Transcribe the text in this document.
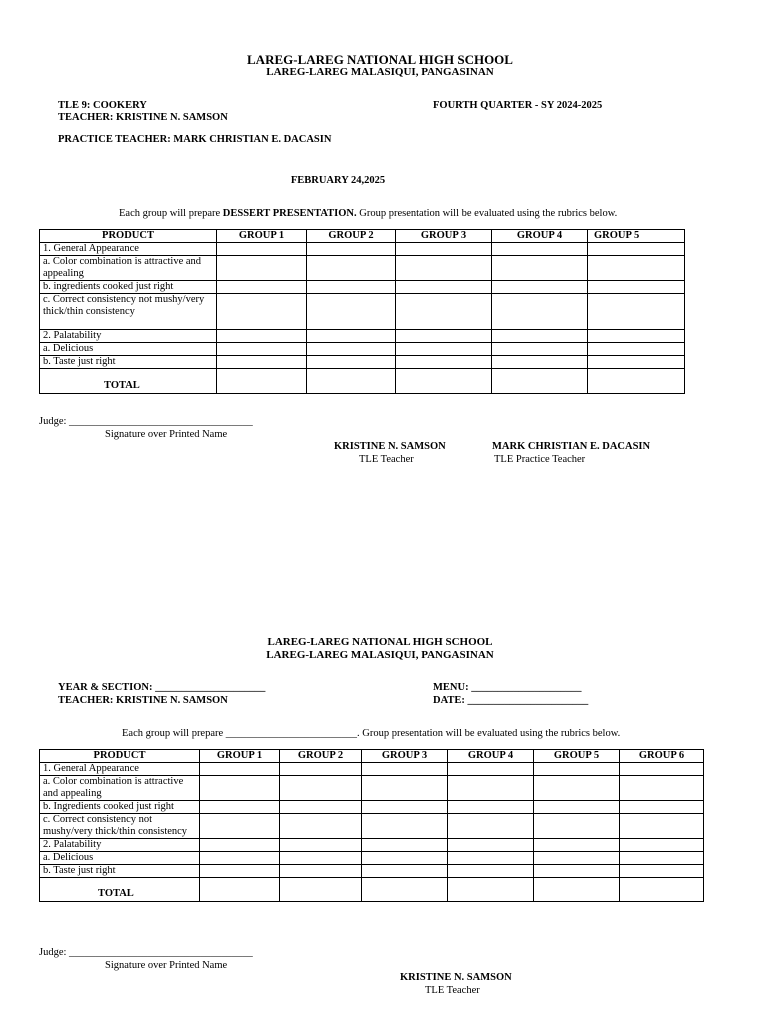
LAREG-LAREG NATIONAL HIGH SCHOOL
LAREG-LAREG MALASIQUI, PANGASINAN
TLE 9: COOKERY
TEACHER: KRISTINE N. SAMSON
FOURTH QUARTER - SY 2024-2025
PRACTICE TEACHER: MARK CHRISTIAN E. DACASIN
FEBRUARY 24,2025
Each group will prepare DESSERT PRESENTATION. Group presentation will be evaluated using the rubrics below.
PRODUCT	GROUP 1	GROUP 2	GROUP 3	GROUP 4	GROUP 5
1. General Appearance					
a. Color combination is attractive and appealing					
b. ingredients cooked just right					
c. Correct consistency not mushy/very thick/thin consistency					
2. Palatability					
a. Delicious					
b. Taste just right					
TOTAL					
Judge: ___________________________________
Signature over Printed Name
KRISTINE N. SAMSON
TLE Teacher
MARK CHRISTIAN E. DACASIN
TLE Practice Teacher
LAREG-LAREG NATIONAL HIGH SCHOOL
LAREG-LAREG MALASIQUI, PANGASINAN
YEAR & SECTION: _____________________
TEACHER: KRISTINE N. SAMSON
MENU: _____________________
DATE: _______________________
Each group will prepare _________________________. Group presentation will be evaluated using the rubrics below.
PRODUCT	GROUP 1	GROUP 2	GROUP 3	GROUP 4	GROUP 5	GROUP 6
1. General Appearance						
a. Color combination is attractive and appealing						
b. Ingredients cooked just right						
c. Correct consistency not mushy/very thick/thin consistency						
2. Palatability						
a. Delicious						
b. Taste just right						
TOTAL						
Judge: ___________________________________
Signature over Printed Name
KRISTINE N. SAMSON
TLE Teacher
